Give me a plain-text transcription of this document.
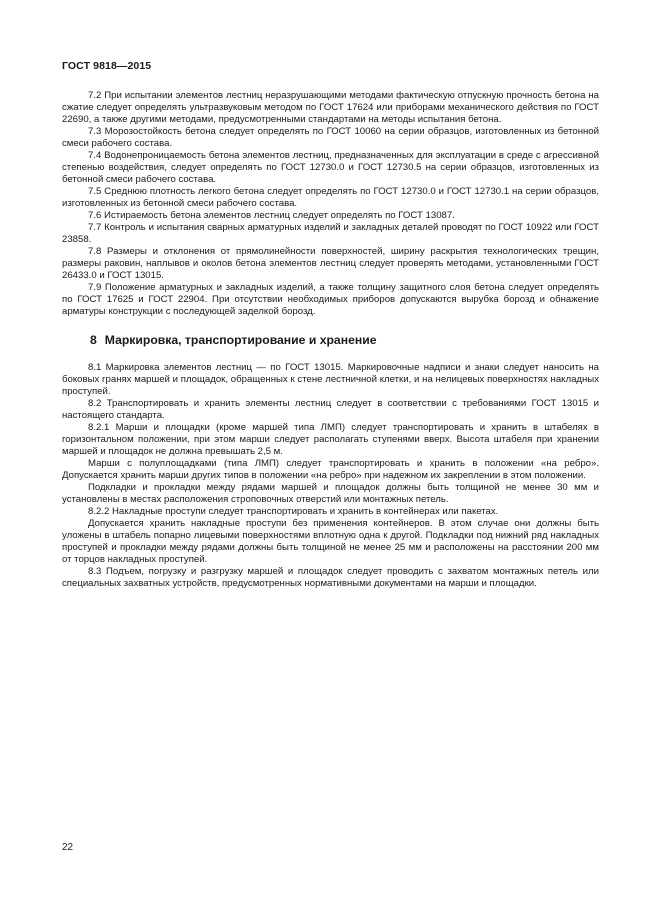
ГОСТ 9818—2015

7.2 При испытании элементов лестниц неразрушающими методами фактическую отпускную прочность бетона на сжатие следует определять ультразвуковым методом по ГОСТ 17624 или приборами механического действия по ГОСТ 22690, а также другими методами, предусмотренными стандартами на методы испытания бетона.

7.3 Морозостойкость бетона следует определять по ГОСТ 10060 на серии образцов, изготовленных из бетонной смеси рабочего состава.

7.4 Водонепроницаемость бетона элементов лестниц, предназначенных для эксплуатации в среде с агрессивной степенью воздействия, следует определять по ГОСТ 12730.0 и ГОСТ 12730.5 на серии образцов, изготовленных из бетонной смеси рабочего состава.

7.5 Среднюю плотность легкого бетона следует определять по ГОСТ 12730.0 и ГОСТ 12730.1 на серии образцов, изготовленных из бетонной смеси рабочего состава.

7.6 Истираемость бетона элементов лестниц следует определять по ГОСТ 13087.

7.7 Контроль и испытания сварных арматурных изделий и закладных деталей проводят по ГОСТ 10922 или ГОСТ 23858.

7.8 Размеры и отклонения от прямолинейности поверхностей, ширину раскрытия технологических трещин, размеры раковин, наплывов и околов бетона элементов лестниц следует проверять методами, установленными ГОСТ 26433.0 и ГОСТ 13015.

7.9 Положение арматурных и закладных изделий, а также толщину защитного слоя бетона следует определять по ГОСТ 17625 и ГОСТ 22904. При отсутствии необходимых приборов допускаются вырубка борозд и обнажение арматуры конструкции с последующей заделкой борозд.

8 Маркировка, транспортирование и хранение

8.1 Маркировка элементов лестниц — по ГОСТ 13015. Маркировочные надписи и знаки следует наносить на боковых гранях маршей и площадок, обращенных к стене лестничной клетки, и на нелицевых поверхностях накладных проступей.

8.2 Транспортировать и хранить элементы лестниц следует в соответствии с требованиями ГОСТ 13015 и настоящего стандарта.

8.2.1 Марши и площадки (кроме маршей типа ЛМП) следует транспортировать и хранить в штабелях в горизонтальном положении, при этом марши следует располагать ступенями вверх. Высота штабеля при хранении маршей и площадок не должна превышать 2,5 м.

Марши с полуплощадками (типа ЛМП) следует транспортировать и хранить в положении «на ребро». Допускается хранить марши других типов в положении «на ребро» при надежном их закреплении в этом положении.

Подкладки и прокладки между рядами маршей и площадок должны быть толщиной не менее 30 мм и установлены в местах расположения строповочных отверстий или монтажных петель.

8.2.2 Накладные проступи следует транспортировать и хранить в контейнерах или пакетах.

Допускается хранить накладные проступи без применения контейнеров. В этом случае они должны быть уложены в штабель попарно лицевыми поверхностями вплотную одна к другой. Подкладки под нижний ряд накладных проступей и прокладки между рядами должны быть толщиной не менее 25 мм и расположены на расстоянии 200 мм от торцов накладных проступей.

8.3 Подъем, погрузку и разгрузку маршей и площадок следует проводить с захватом монтажных петель или специальных захватных устройств, предусмотренных нормативными документами на марши и площадки.

22
